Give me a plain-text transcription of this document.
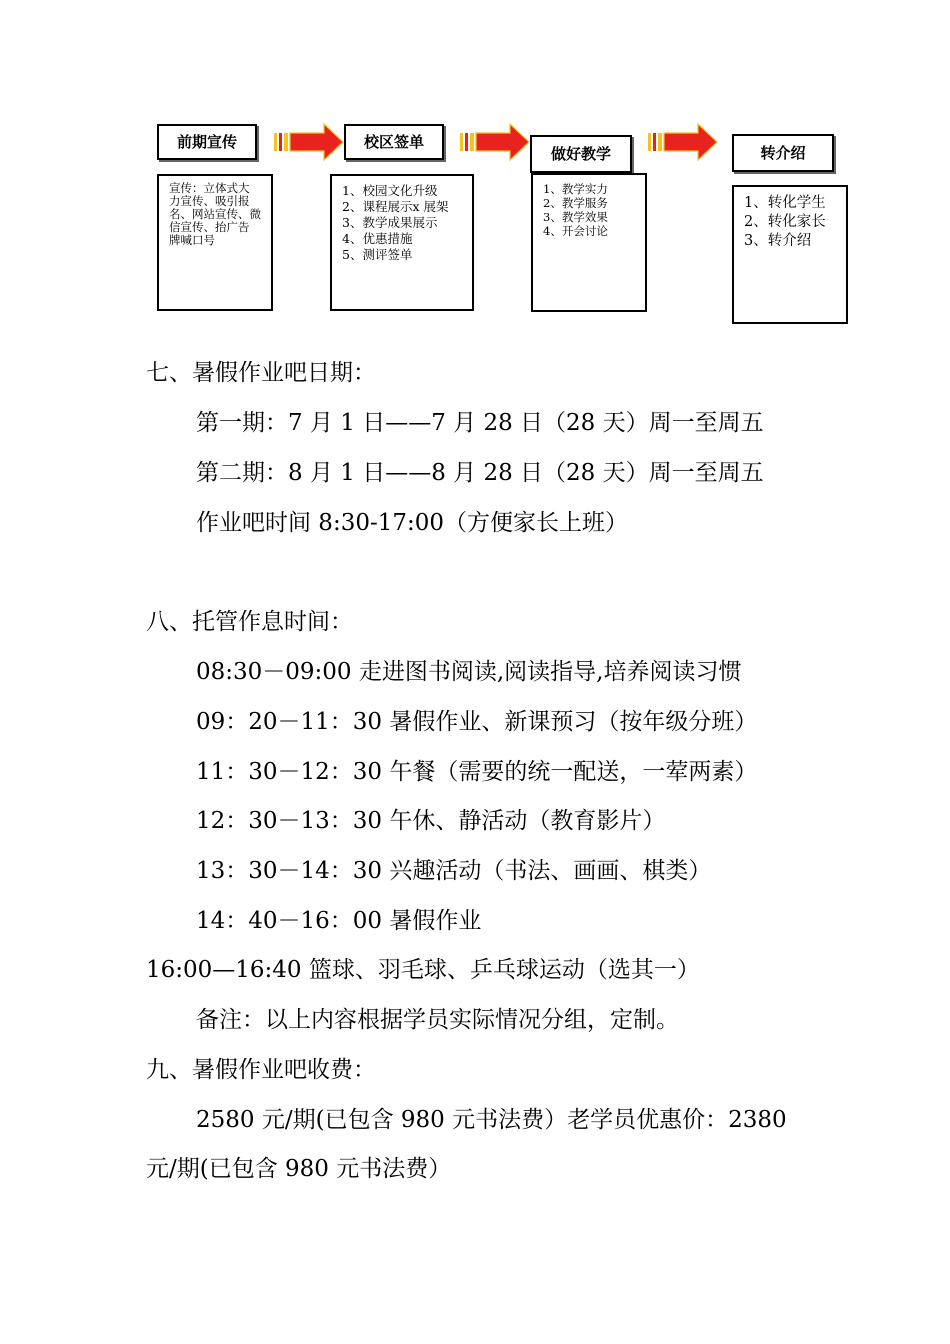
前期宣传	校区签单
做好教学	转介绍
宣传：立体式大
力宣传、吸引报
名、网站宣传、微
信宣传、抬广告
牌喊口号
1、校园文化升级
2、课程展示x 展架
3、教学成果展示
4、优惠措施
5、测评签单
1、教学实力
2、教学服务
3、教学效果
4、开会讨论
1、转化学生
2、转化家长
3、转介绍
七、暑假作业吧日期：
第一期：7 月 1 日——7 月 28 日（28 天）周一至周五
第二期：8 月 1 日——8 月 28 日（28 天）周一至周五
作业吧时间 8:30-17:00（方便家长上班）
八、托管作息时间：
08:30－09:00 走进图书阅读,阅读指导,培养阅读习惯
09：20－11：30 暑假作业、新课预习（按年级分班）
11：30－12：30 午餐（需要的统一配送，一荤两素）
12：30－13：30 午休、静活动（教育影片）
13：30－14：30 兴趣活动（书法、画画、棋类）
14：40－16：00 暑假作业
16:00—16:40 篮球、羽毛球、乒乓球运动（选其一）
备注：以上内容根据学员实际情况分组，定制。
九、暑假作业吧收费：
2580 元/期(已包含 980 元书法费）老学员优惠价：2380
元/期(已包含 980 元书法费）
